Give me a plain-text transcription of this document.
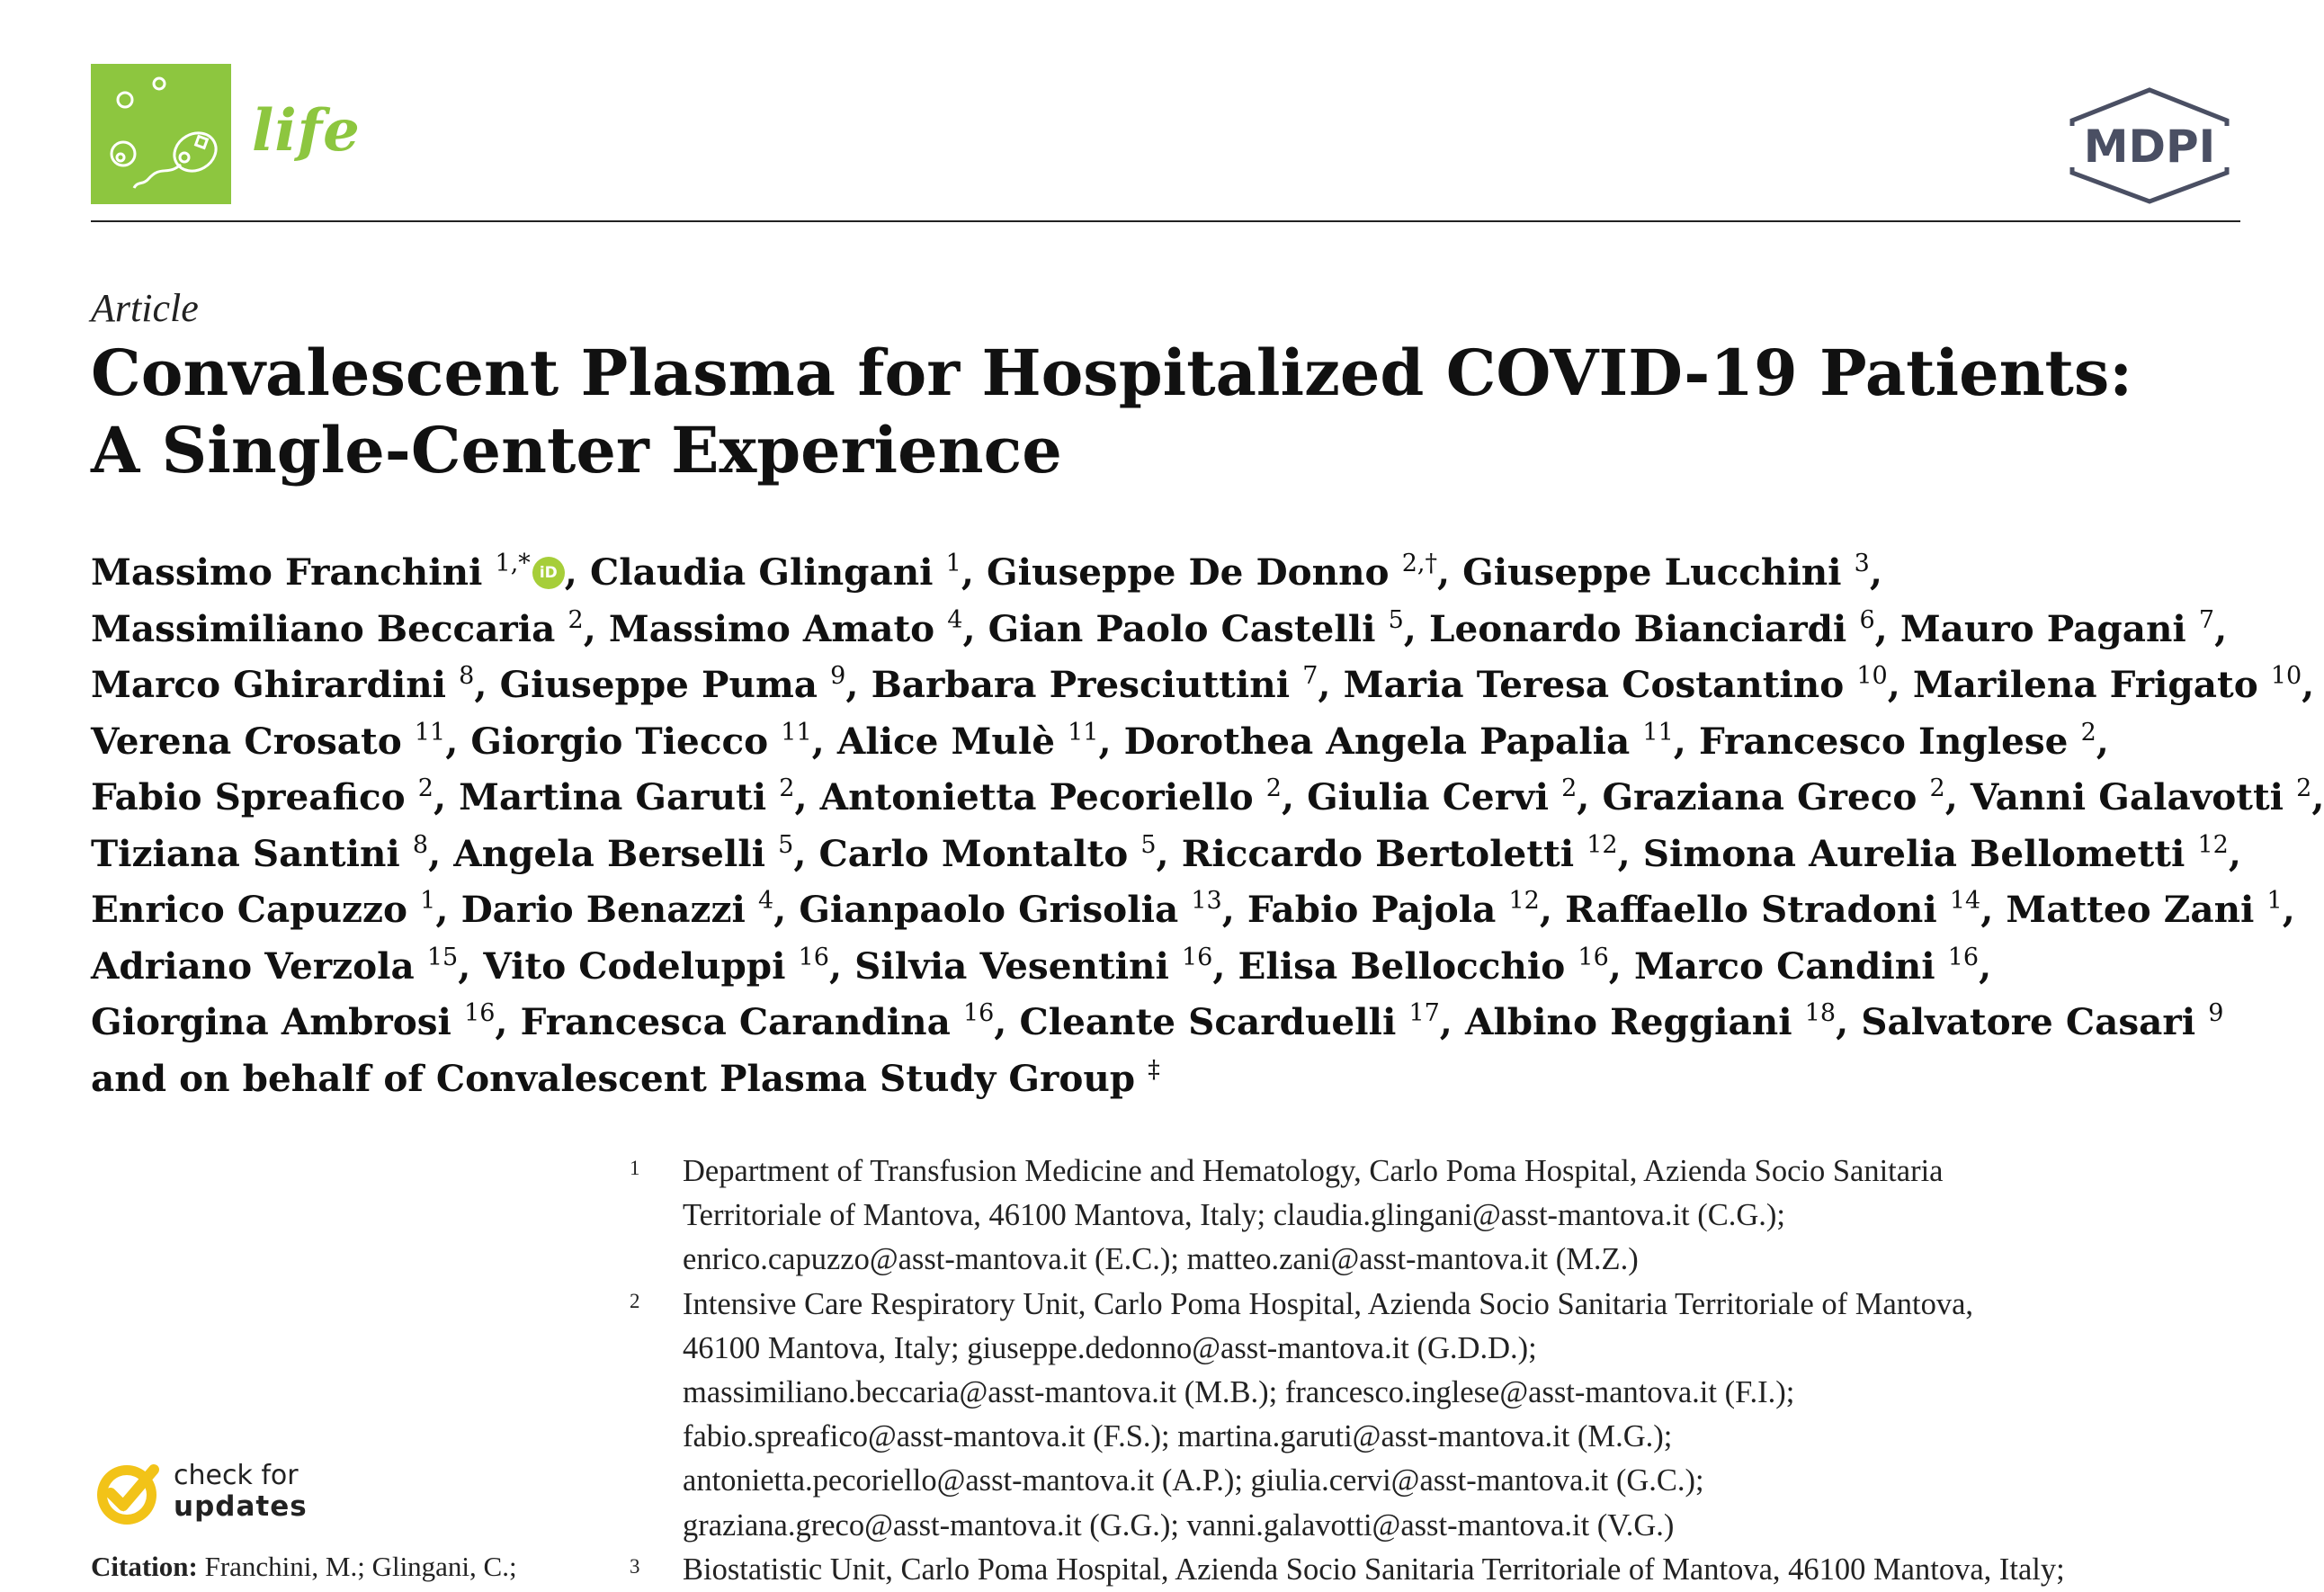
life	MDPI
Article
Convalescent Plasma for Hospitalized COVID-19 Patients:
A Single-Center Experience

Massimo Franchini $^{1,*}$ iD , Claudia Glingani $^1$, Giuseppe De Donno $^{2,\dagger}$, Giuseppe Lucchini $^3$,
Massimiliano Beccaria $^2$, Massimo Amato $^4$, Gian Paolo Castelli $^5$, Leonardo Bianciardi $^6$, Mauro Pagani $^7$,
Marco Ghirardini $^8$, Giuseppe Puma $^9$, Barbara Presciuttini $^7$, Maria Teresa Costantino $^{10}$, Marilena Frigato $^{10}$,
Verena Crosato $^{11}$, Giorgio Tiecco $^{11}$, Alice Mulè $^{11}$, Dorothea Angela Papalia $^{11}$, Francesco Inglese $^2$,
Fabio Spreafico $^2$, Martina Garuti $^2$, Antonietta Pecoriello $^2$, Giulia Cervi $^2$, Graziana Greco $^2$, Vanni Galavotti $^2$,
Tiziana Santini $^8$, Angela Berselli $^5$, Carlo Montalto $^5$, Riccardo Bertoletti $^{12}$, Simona Aurelia Bellometti $^{12}$,
Enrico Capuzzo $^1$, Dario Benazzi $^4$, Gianpaolo Grisolia $^{13}$, Fabio Pajola $^{12}$, Raffaello Stradoni $^{14}$, Matteo Zani $^1$,
Adriano Verzola $^{15}$, Vito Codeluppi $^{16}$, Silvia Vesentini $^{16}$, Elisa Bellocchio $^{16}$, Marco Candini $^{16}$,
Giorgina Ambrosi $^{16}$, Francesca Carandina $^{16}$, Cleante Scarduelli $^{17}$, Albino Reggiani $^{18}$, Salvatore Casari $^9$
and on behalf of Convalescent Plasma Study Group ‡

1 Department of Transfusion Medicine and Hematology, Carlo Poma Hospital, Azienda Socio Sanitaria
Territoriale of Mantova, 46100 Mantova, Italy; claudia.glingani@asst-mantova.it (C.G.);
enrico.capuzzo@asst-mantova.it (E.C.); matteo.zani@asst-mantova.it (M.Z.)
2 Intensive Care Respiratory Unit, Carlo Poma Hospital, Azienda Socio Sanitaria Territoriale of Mantova,
46100 Mantova, Italy; giuseppe.dedonno@asst-mantova.it (G.D.D.);
massimiliano.beccaria@asst-mantova.it (M.B.); francesco.inglese@asst-mantova.it (F.I.);
fabio.spreafico@asst-mantova.it (F.S.); martina.garuti@asst-mantova.it (M.G.);
antonietta.pecoriello@asst-mantova.it (A.P.); giulia.cervi@asst-mantova.it (G.C.);
graziana.greco@asst-mantova.it (G.G.); vanni.galavotti@asst-mantova.it (V.G.)
3 Biostatistic Unit, Carlo Poma Hospital, Azienda Socio Sanitaria Territoriale of Mantova, 46100 Mantova, Italy;
check for
updates
Citation: Franchini, M.; Glingani, C.;
